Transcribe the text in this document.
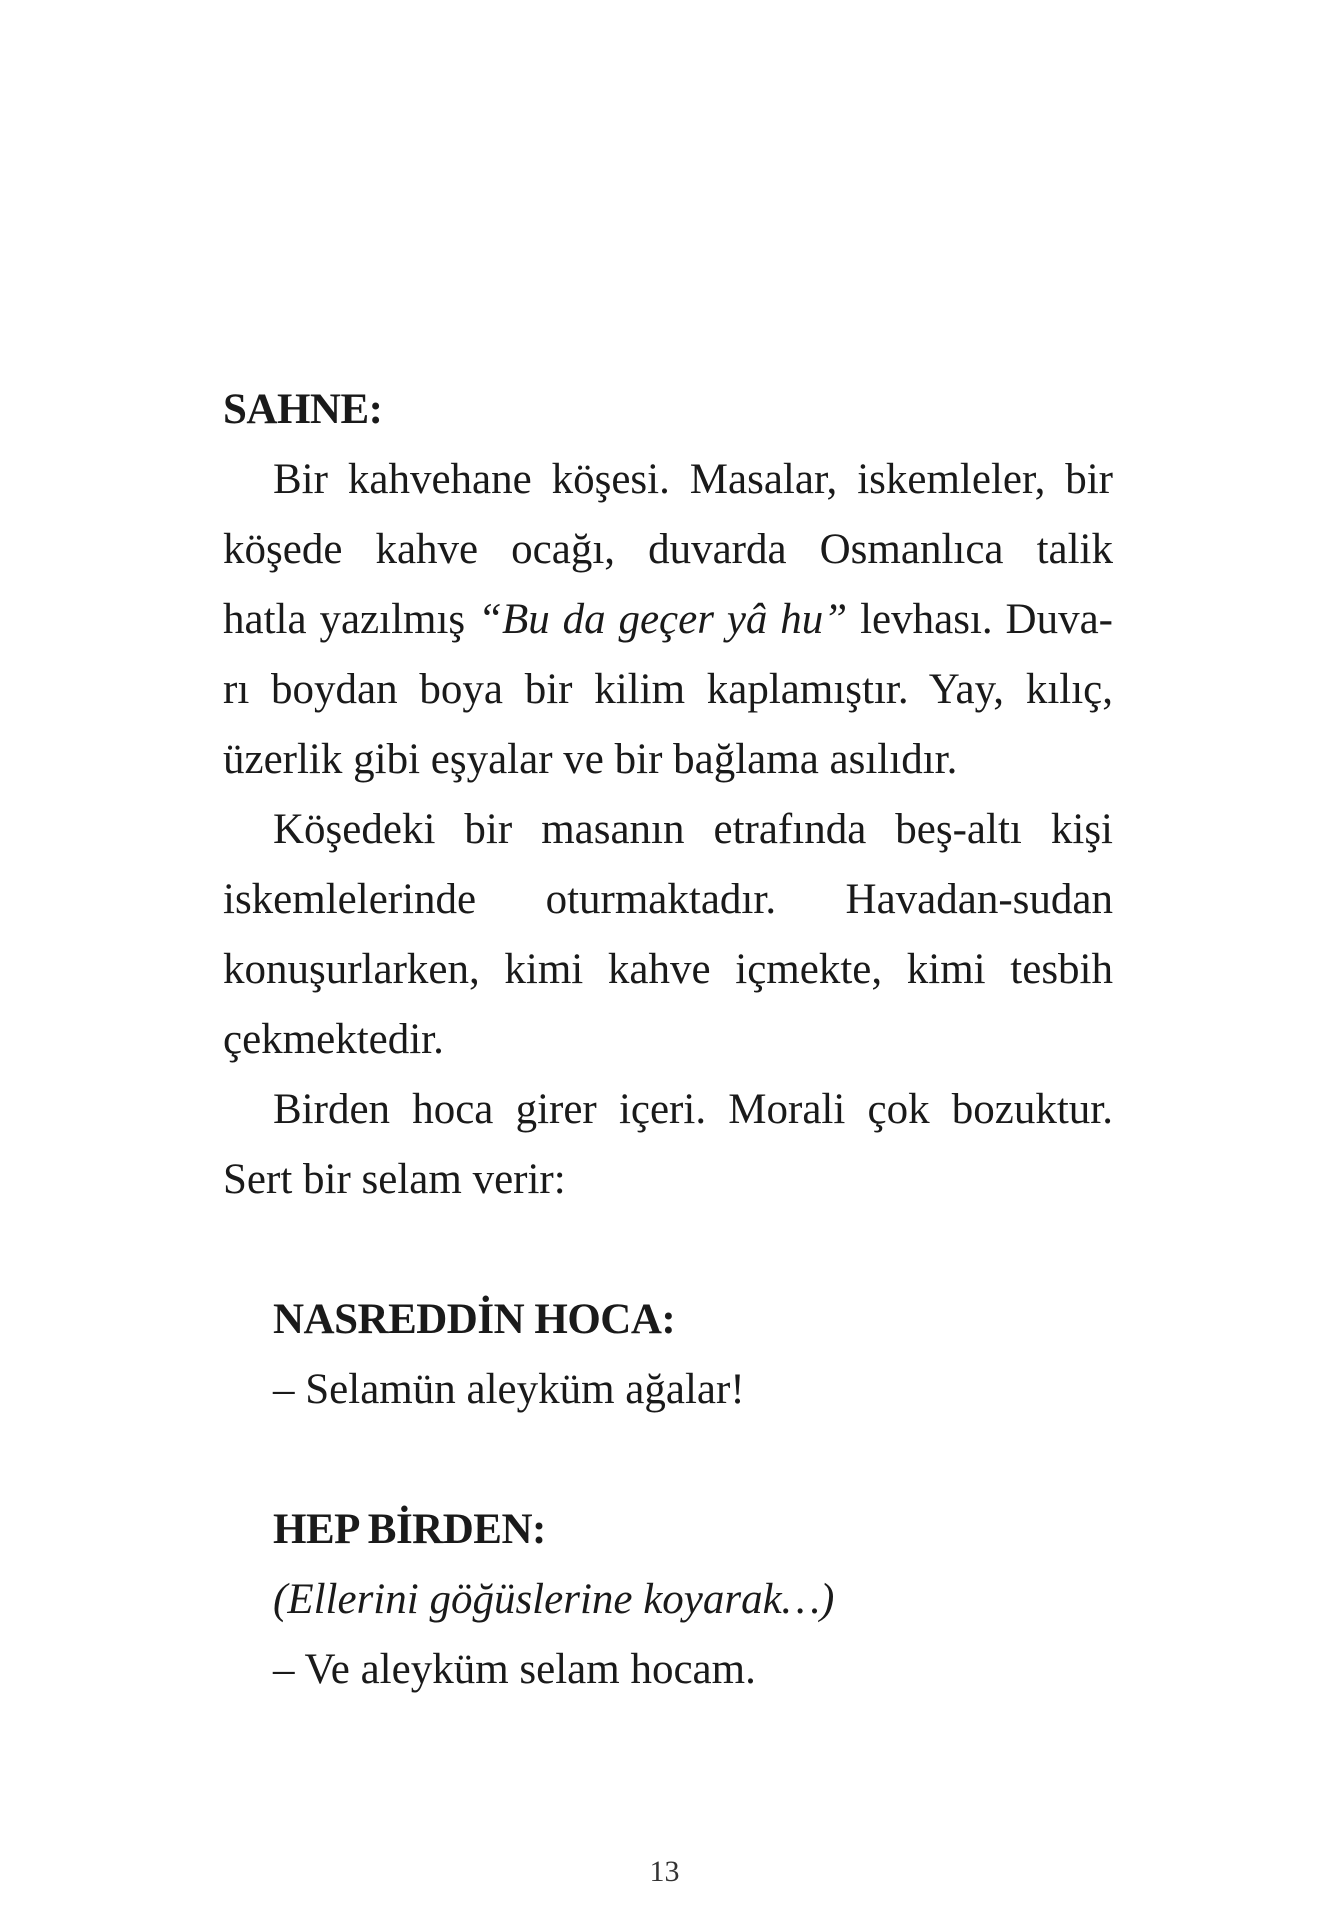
SAHNE:
Bir kahvehane köşesi. Masalar, iskemleler, bir
köşede kahve ocağı, duvarda Osmanlıca talik
hatla yazılmış “Bu da geçer yâ hu” levhası. Duva-
rı boydan boya bir kilim kaplamıştır. Yay, kılıç,
üzerlik gibi eşyalar ve bir bağlama asılıdır.
Köşedeki bir masanın etrafında beş-altı kişi
iskemlelerinde oturmaktadır. Havadan-sudan
konuşurlarken, kimi kahve içmekte, kimi tesbih
çekmektedir.
Birden hoca girer içeri. Morali çok bozuktur.
Sert bir selam verir:
NASREDDİN HOCA:
– Selamün aleyküm ağalar!
HEP BİRDEN:
(Ellerini göğüslerine koyarak…)
– Ve aleyküm selam hocam.
13
